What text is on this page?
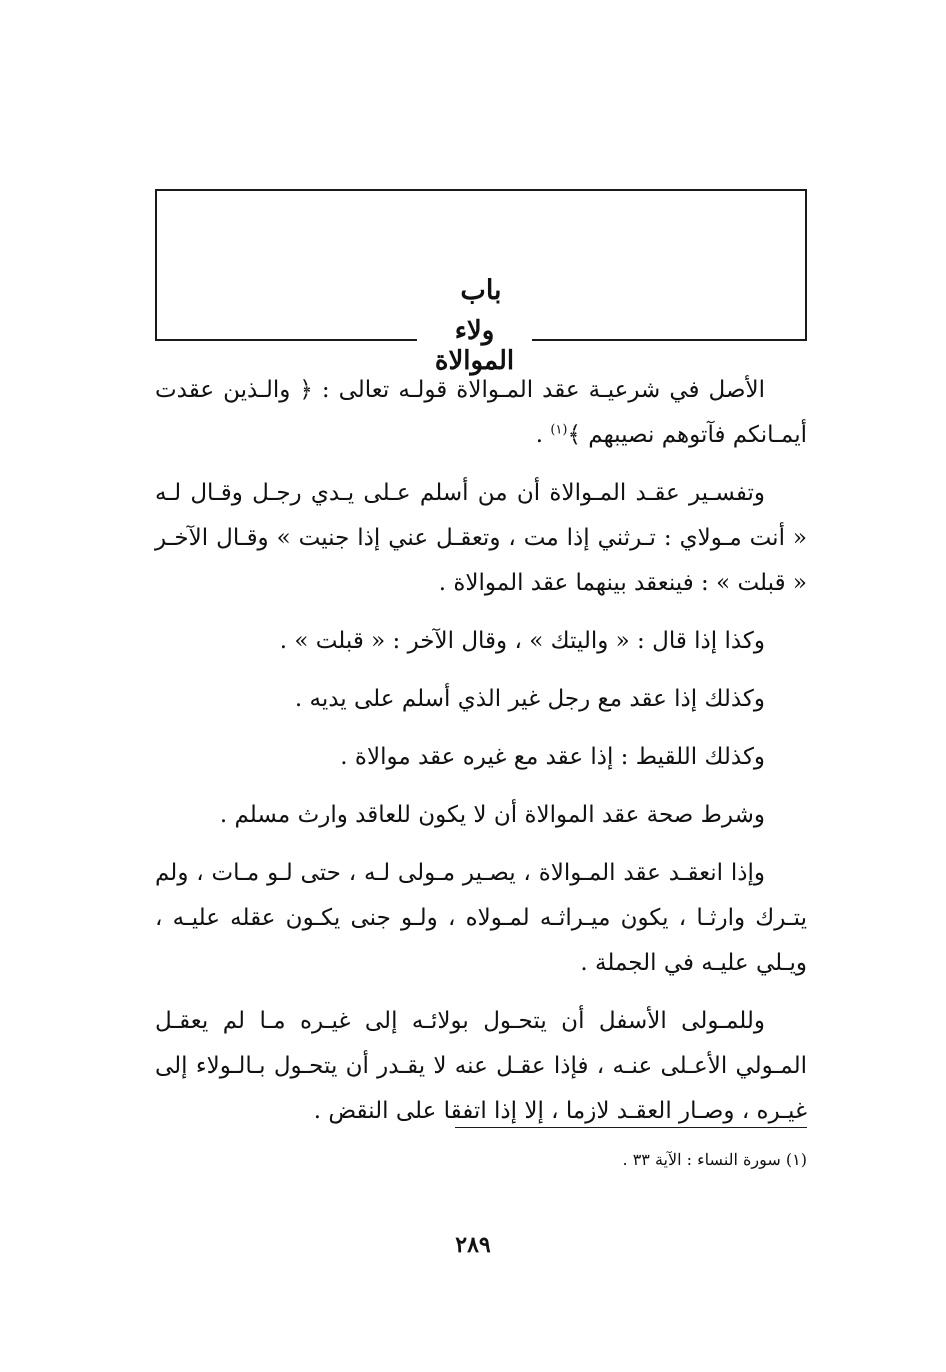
باب
ولاء الموالاة

الأصل في شرعيـة عقد المـوالاة قولـه تعالى : ﴿ والـذين عقدت أيمـانكم فآتوهم نصيبهم ﴾$^{(١)}$ .

وتفسـير عقـد المـوالاة أن من أسلم عـلى يـدي رجـل وقـال لـه « أنت مـولاي : تـرثني إذا مت ، وتعقـل عني إذا جنيت » وقـال الآخـر « قبلت » : فينعقد بينهما عقد الموالاة .

وكذا إذا قال : « واليتك » ، وقال الآخر : « قبلت » .

وكذلك إذا عقد مع رجل غير الذي أسلم على يديه .

وكذلك اللقيط : إذا عقد مع غيره عقد موالاة .

وشرط صحة عقد الموالاة أن لا يكون للعاقد وارث مسلم .

وإذا انعقـد عقد المـوالاة ، يصـير مـولى لـه ، حتى لـو مـات ، ولم يتـرك وارثـا ، يكون ميـراثـه لمـولاه ، ولـو جنى يكـون عقله عليـه ، ويـلي عليـه في الجملة .

وللمـولى الأسفل أن يتحـول بولائـه إلى غيـره مـا لم يعقـل المـولي الأعـلى عنـه ، فإذا عقـل عنه لا يقـدر أن يتحـول بـالـولاء إلى غيـره ، وصـار العقـد لازما ، إلا إذا اتفقا على النقض .

(١) سورة النساء : الآية ٣٣ .
٢٨٩
